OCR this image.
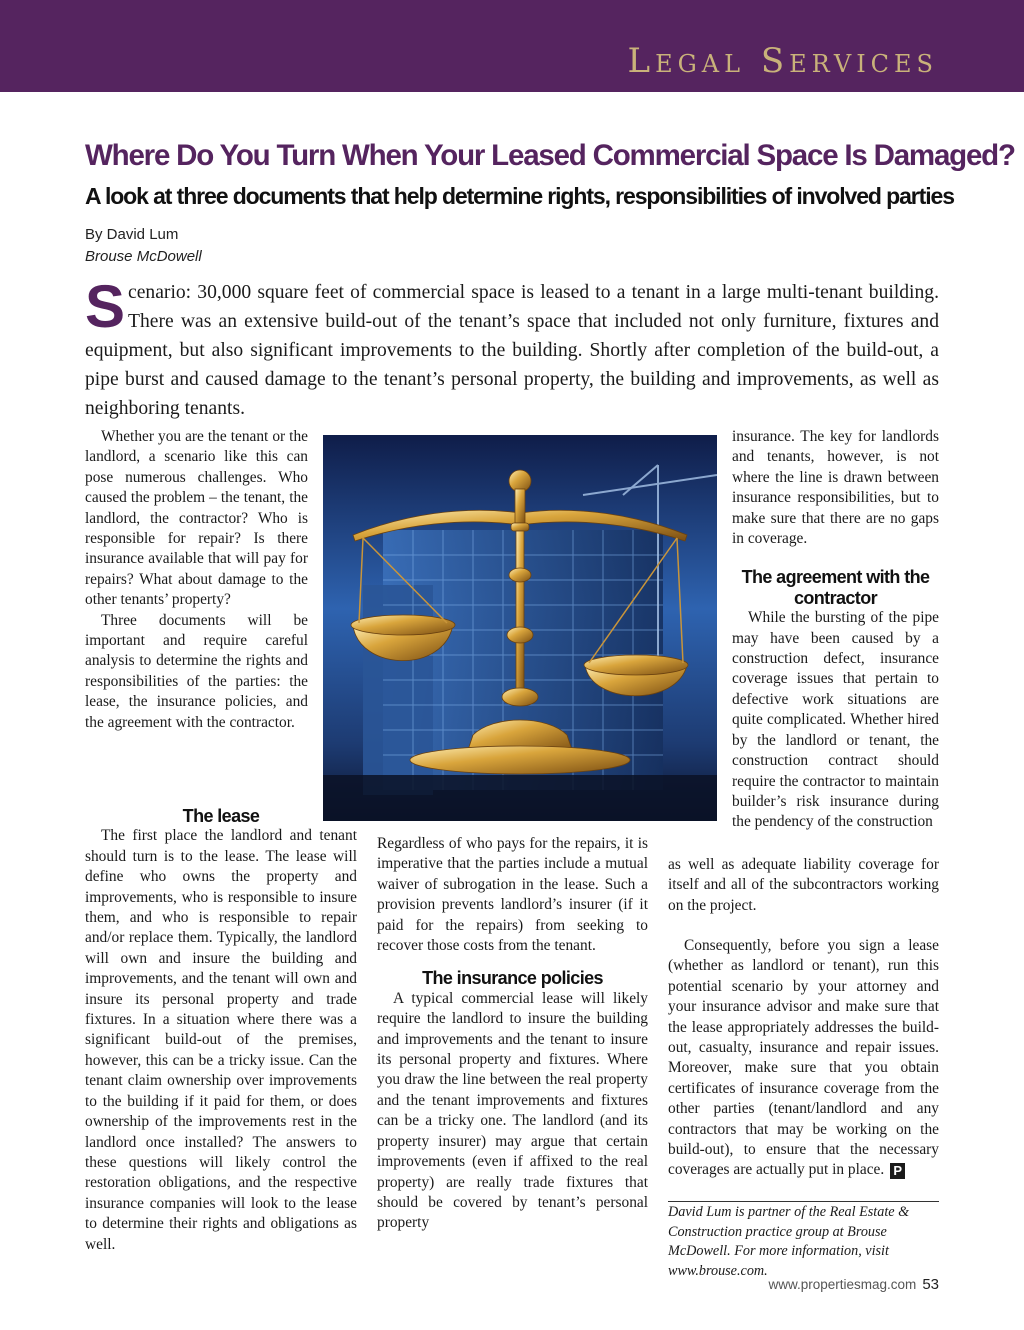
Legal Services
Where Do You Turn When Your Leased Commercial Space Is Damaged?
A look at three documents that help determine rights, responsibilities of involved parties
By David Lum
Brouse McDowell
Scenario: 30,000 square feet of commercial space is leased to a tenant in a large multi-tenant building. There was an extensive build-out of the tenant’s space that included not only furniture, fixtures and equipment, but also significant improvements to the building. Shortly after completion of the build-out, a pipe burst and caused damage to the tenant’s personal property, the building and improvements, as well as neighboring tenants.

Whether you are the tenant or the landlord, a scenario like this can pose numerous challenges. Who caused the problem – the tenant, the landlord, the contractor? Who is responsible for repair? Is there insurance available that will pay for repairs? What about damage to the other tenants’ property?

Three documents will be important and require careful analysis to determine the rights and responsibilities of the parties: the lease, the insurance policies, and the agreement with the contractor.

The lease

The first place the landlord and tenant should turn is to the lease. The lease will define who owns the property and improvements, who is responsible to insure them, and who is responsible to repair and/or replace them. Typically, the landlord will own and insure the building and improvements, and the tenant will own and insure its personal property and trade fixtures. In a situation where there was a significant build-out of the premises, however, this can be a tricky issue. Can the tenant claim ownership over improvements to the building if it paid for them, or does ownership of the improvements rest in the landlord once installed? The answers to these questions will likely control the restoration obligations, and the respective insurance companies will look to the lease to determine their rights and obligations as well.

Regardless of who pays for the repairs, it is imperative that the parties include a mutual waiver of subrogation in the lease. Such a provision prevents landlord’s insurer (if it paid for the repairs) from seeking to recover those costs from the tenant.

The insurance policies

A typical commercial lease will likely require the landlord to insure the building and improvements and the tenant to insure its personal property and fixtures. Where you draw the line between the real property and the tenant improvements and fixtures can be a tricky one. The landlord (and its property insurer) may argue that certain improvements (even if affixed to the real property) are really trade fixtures that should be covered by tenant’s personal property

insurance. The key for landlords and tenants, however, is not where the line is drawn between insurance responsibilities, but to make sure that there are no gaps in coverage.

The agreement with the contractor

While the bursting of the pipe may have been caused by a construction defect, insurance coverage issues that pertain to defective work situations are quite complicated. Whether hired by the landlord or tenant, the construction contract should require the contractor to maintain builder’s risk insurance during the pendency of the construction

as well as adequate liability coverage for itself and all of the subcontractors working on the project.

Consequently, before you sign a lease (whether as landlord or tenant), run this potential scenario by your attorney and your insurance advisor and make sure that the lease appropriately addresses the build-out, casualty, insurance and repair issues. Moreover, make sure that you obtain certificates of insurance coverage from the other parties (tenant/landlord and any contractors that may be working on the build-out), to ensure that the necessary coverages are actually put in place. P

David Lum is partner of the Real Estate & Construction practice group at Brouse McDowell. For more information, visit www.brouse.com.
www.propertiesmag.com 53
